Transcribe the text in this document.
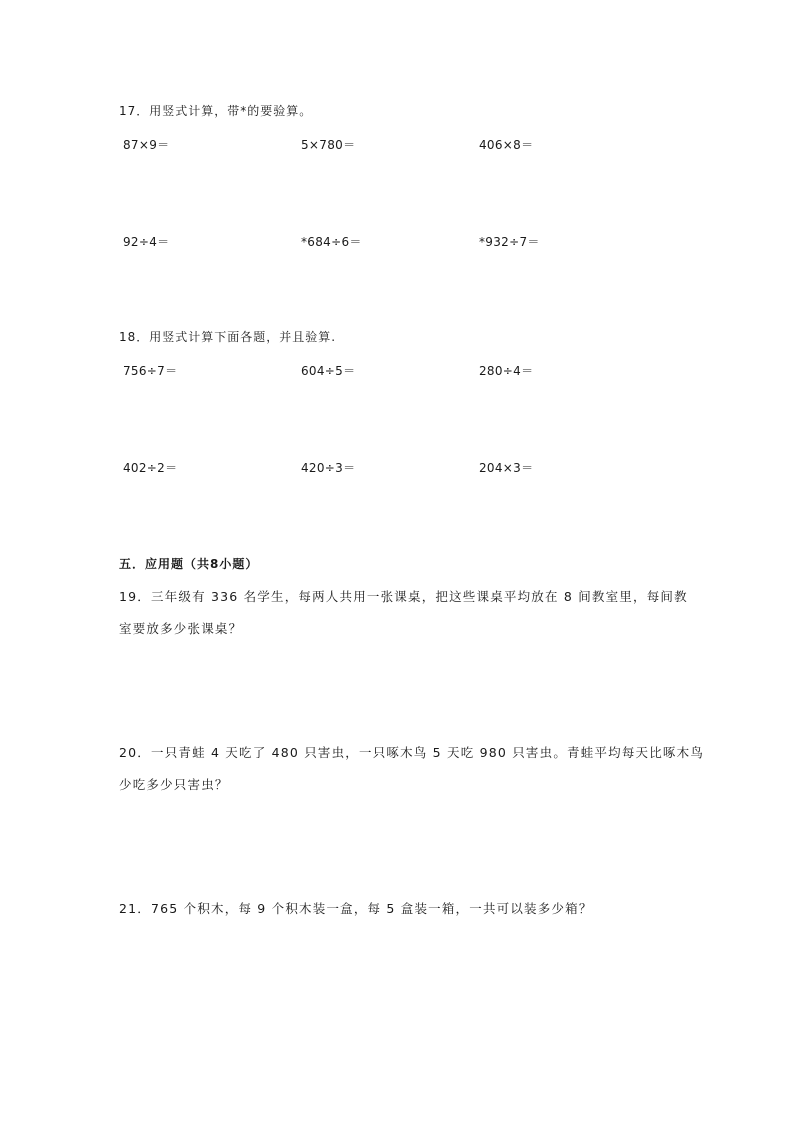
17．用竖式计算，带*的要验算。
87×9＝	5×780＝	406×8＝
92÷4＝	*684÷6＝	*932÷7＝
18．用竖式计算下面各题，并且验算.
756÷7＝	604÷5＝	280÷4＝
402÷2＝	420÷3＝	204×3＝
五．应用题（共8小题）
19．三年级有 336 名学生，每两人共用一张课桌，把这些课桌平均放在 8 间教室里，每间教
室要放多少张课桌？
20．一只青蛙 4 天吃了 480 只害虫，一只啄木鸟 5 天吃 980 只害虫。青蛙平均每天比啄木鸟
少吃多少只害虫？
21．765 个积木，每 9 个积木装一盒，每 5 盒装一箱，一共可以装多少箱？
